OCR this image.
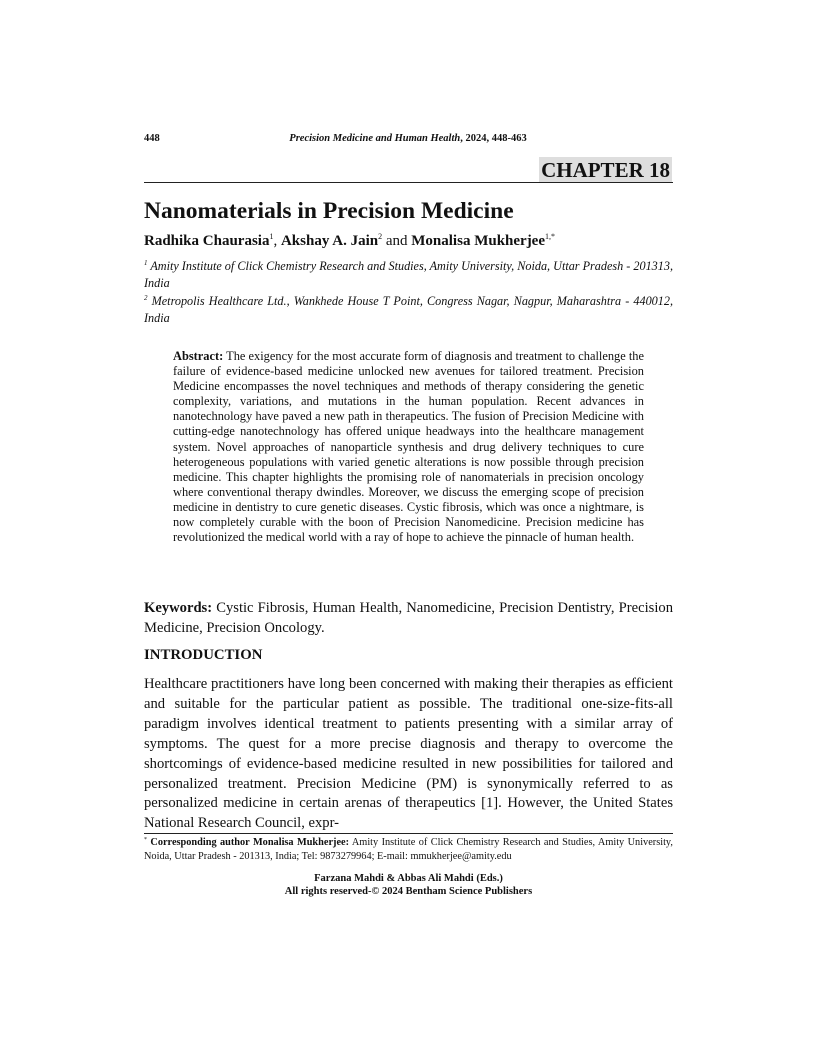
448	Precision Medicine and Human Health, 2024, 448-463
CHAPTER 18
Nanomaterials in Precision Medicine
Radhika Chaurasia$^1$, Akshay A. Jain$^2$ and Monalisa Mukherjee$^{1,*}$
$^1$ Amity Institute of Click Chemistry Research and Studies, Amity University, Noida, Uttar Pradesh - 201313, India
$^2$ Metropolis Healthcare Ltd., Wankhede House T Point, Congress Nagar, Nagpur, Maharashtra - 440012, India
Abstract: The exigency for the most accurate form of diagnosis and treatment to challenge the failure of evidence-based medicine unlocked new avenues for tailored treatment. Precision Medicine encompasses the novel techniques and methods of therapy considering the genetic complexity, variations, and mutations in the human population. Recent advances in nanotechnology have paved a new path in therapeutics. The fusion of Precision Medicine with cutting-edge nanotechnology has offered unique headways into the healthcare management system. Novel approaches of nanoparticle synthesis and drug delivery techniques to cure heterogeneous populations with varied genetic alterations is now possible through precision medicine. This chapter highlights the promising role of nanomaterials in precision oncology where conventional therapy dwindles. Moreover, we discuss the emerging scope of precision medicine in dentistry to cure genetic diseases. Cystic fibrosis, which was once a nightmare, is now completely curable with the boon of Precision Nanomedicine. Precision medicine has revolutionized the medical world with a ray of hope to achieve the pinnacle of human health.
Keywords: Cystic Fibrosis, Human Health, Nanomedicine, Precision Dentistry, Precision Medicine, Precision Oncology.
INTRODUCTION
Healthcare practitioners have long been concerned with making their therapies as efficient and suitable for the particular patient as possible. The traditional one-size-fits-all paradigm involves identical treatment to patients presenting with a similar array of symptoms. The quest for a more precise diagnosis and therapy to overcome the shortcomings of evidence-based medicine resulted in new possibilities for tailored and personalized treatment. Precision Medicine (PM) is synonymically referred to as personalized medicine in certain arenas of therapeutics [1]. However, the United States National Research Council, expr-
* Corresponding author Monalisa Mukherjee: Amity Institute of Click Chemistry Research and Studies, Amity University, Noida, Uttar Pradesh - 201313, India; Tel: 9873279964; E-mail: mmukherjee@amity.edu
Farzana Mahdi & Abbas Ali Mahdi (Eds.)
All rights reserved-© 2024 Bentham Science Publishers
